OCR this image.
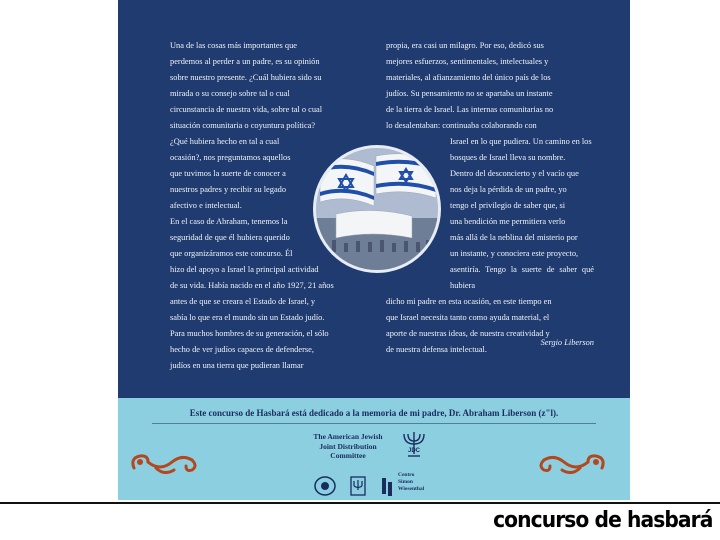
Una de las cosas más importantes que
perdemos al perder a un padre, es su opinión
sobre nuestro presente. ¿Cuál hubiera sido su
mirada o su consejo sobre tal o cual
circunstancia de nuestra vida, sobre tal o cual
situación comunitaria o coyuntura política?
¿Qué hubiera hecho en tal a cual
ocasión?, nos preguntamos aquellos
que tuvimos la suerte de conocer a
nuestros padres y recibir su legado
afectivo e intelectual.
En el caso de Abraham, tenemos la
seguridad de que él hubiera querido
que organizáramos este concurso. Él
hizo del apoyo a Israel la principal actividad
de su vida. Había nacido en el año 1927, 21 años
antes de que se creara el Estado de Israel, y
sabía lo que era el mundo sin un Estado judío.
Para muchos hombres de su generación, el sólo
hecho de ver judíos capaces de defenderse,
judíos en una tierra que pudieran llamar
propia, era casi un milagro. Por eso, dedicó sus
mejores esfuerzos, sentimentales, intelectuales y
materiales, al afianzamiento del único país de los
judíos. Su pensamiento no se apartaba un instante
de la tierra de Israel. Las internas comunitarias no
lo desalentaban: continuaba colaborando con
Israel en lo que pudiera. Un camino en los
bosques de Israel lleva su nombre.
Dentro del desconcierto y el vacío que
nos deja la pérdida de un padre, yo
tengo el privilegio de saber que, si
una bendición me permitiera verlo
más allá de la neblina del misterio por
un instante, y conociera este proyecto,
asentiría. Tengo la suerte de saber qué hubiera
dicho mi padre en esta ocasión, en este tiempo en
que Israel necesita tanto como ayuda material, el
aporte de nuestras ideas, de nuestra creatividad y
de nuestra defensa intelectual.
Sergio Liberson
Este concurso de Hasbará está dedicado a la memoria de mi padre, Dr. Abraham Liberson (z"l).
The American Jewish
Joint Distribution
Committee	JDC
Centro
Simon
Wiesenthal
concurso de hasbará
